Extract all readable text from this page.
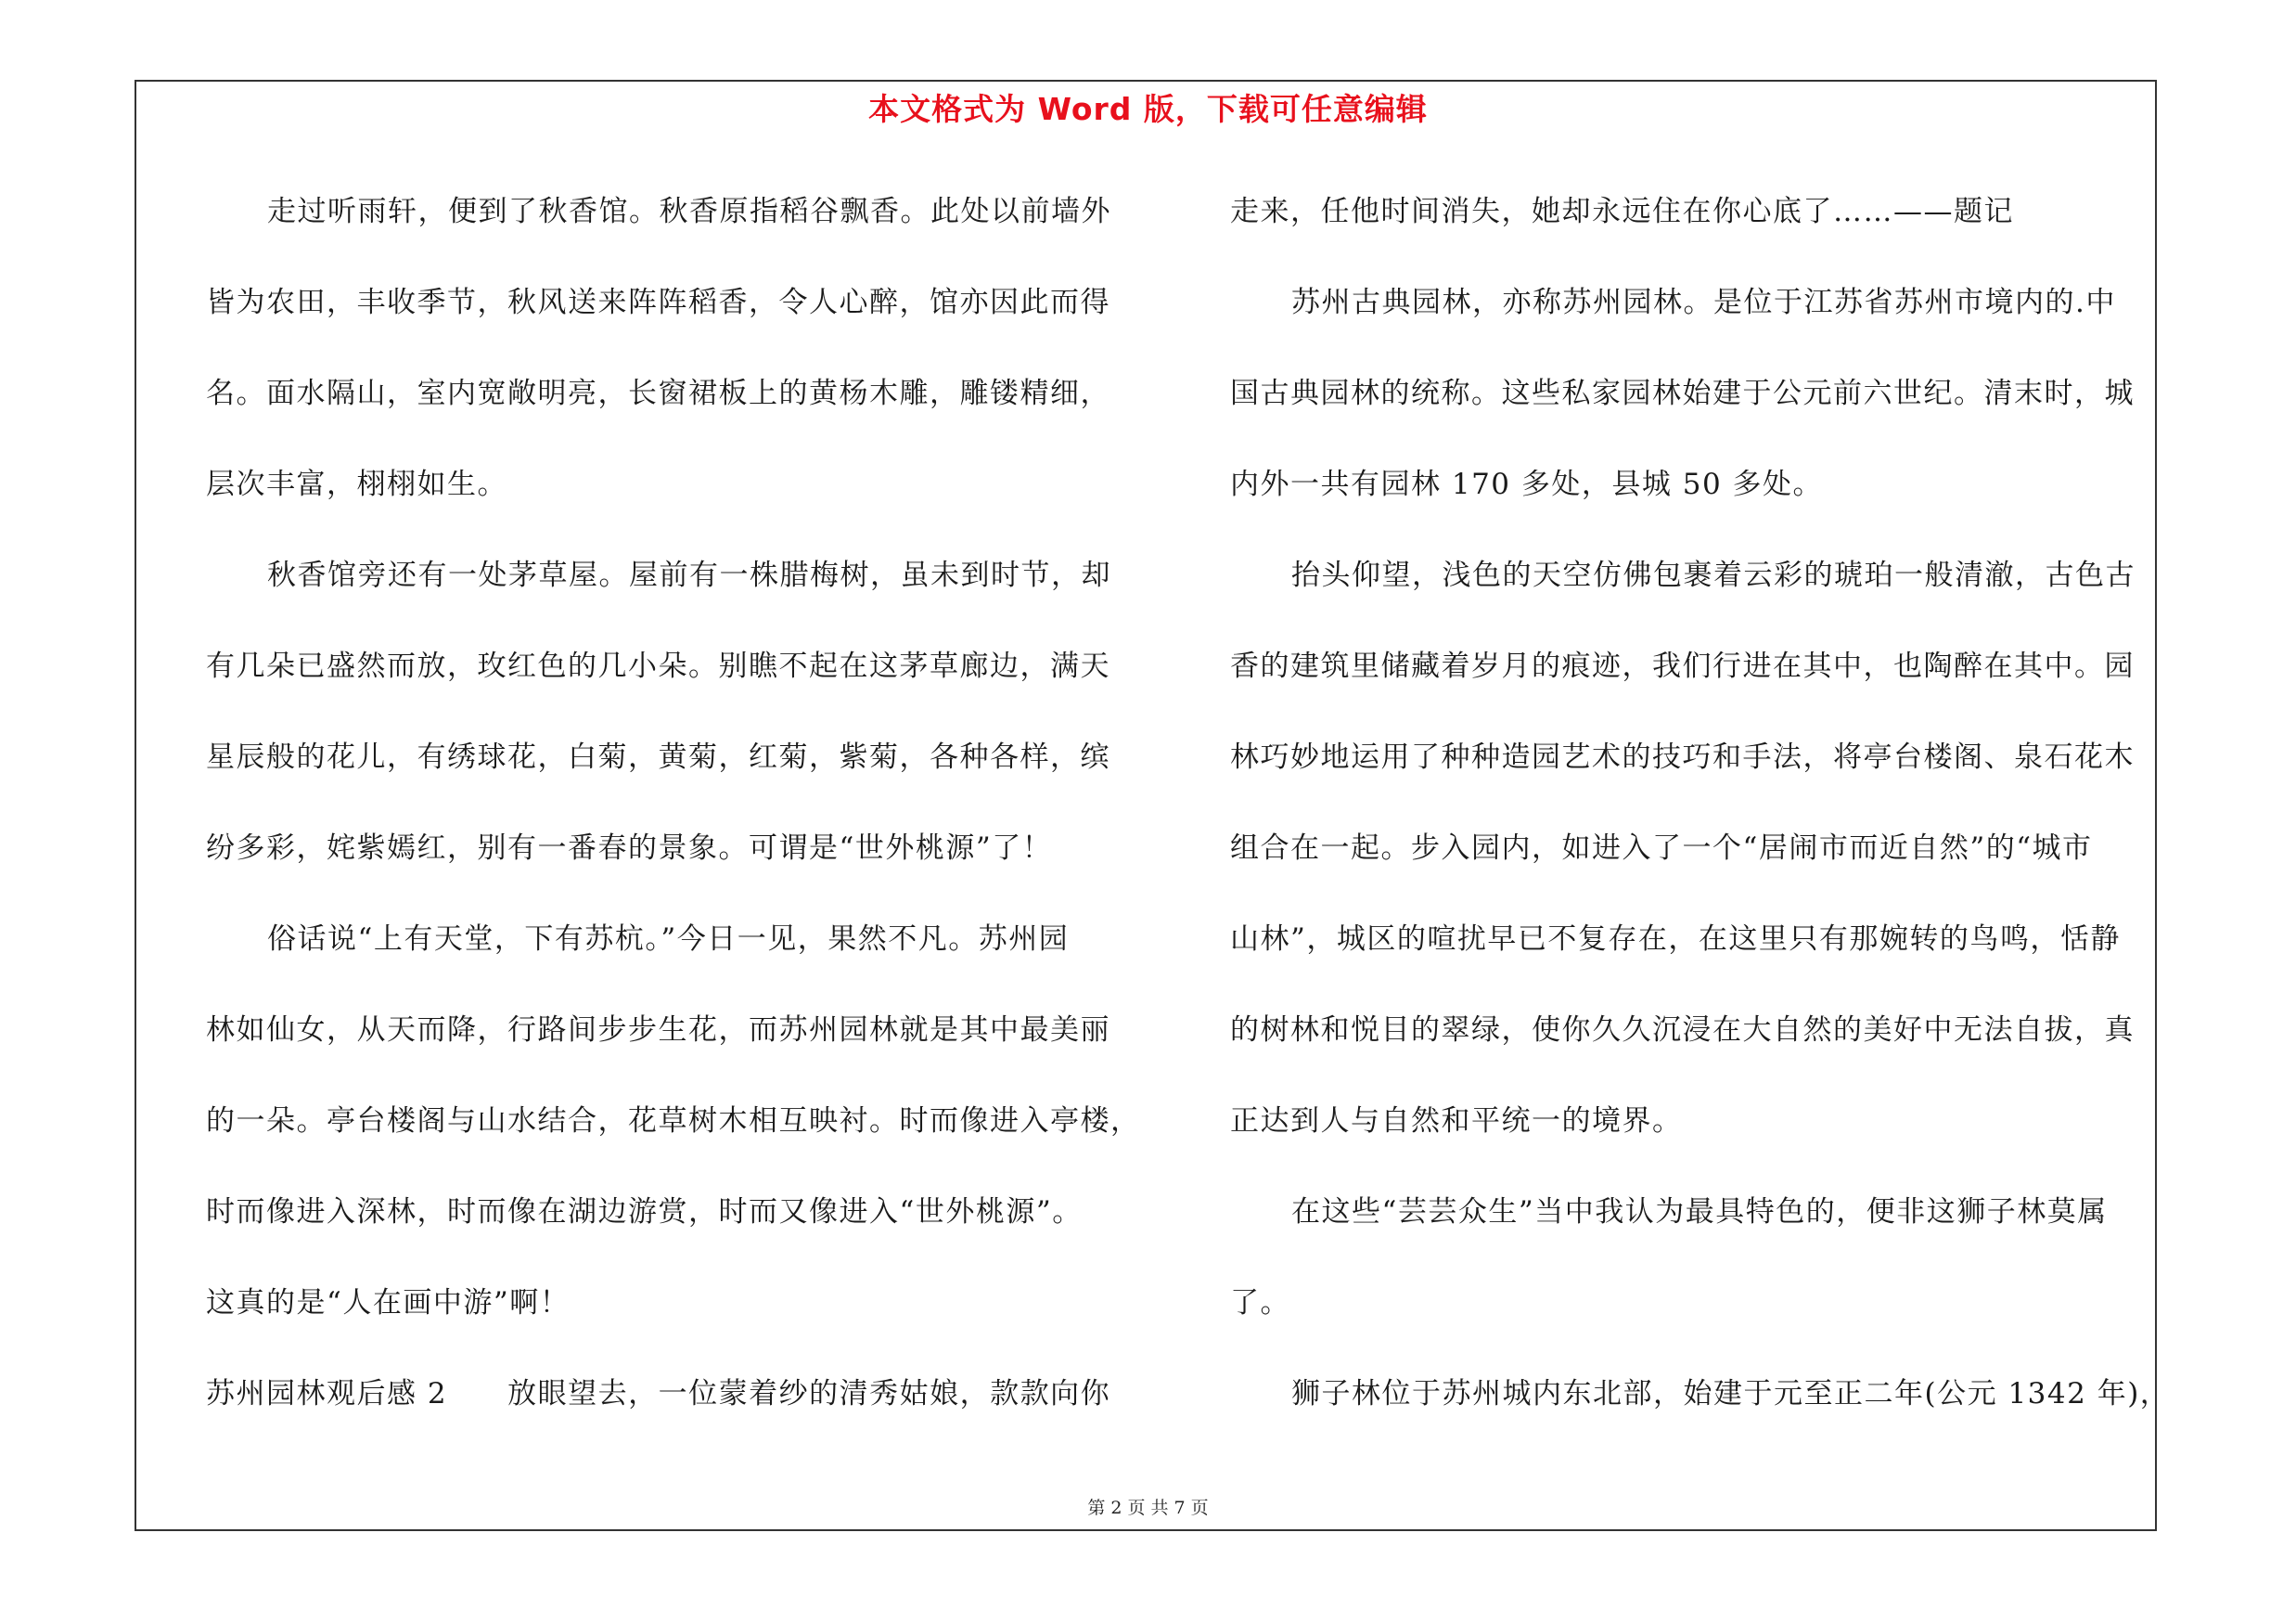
本文格式为 Word 版，下载可任意编辑
走过听雨轩，便到了秋香馆。秋香原指稻谷飘香。此处以前墙外
皆为农田，丰收季节，秋风送来阵阵稻香，令人心醉，馆亦因此而得
名。面水隔山，室内宽敞明亮，长窗裙板上的黄杨木雕，雕镂精细，
层次丰富，栩栩如生。
秋香馆旁还有一处茅草屋。屋前有一株腊梅树，虽未到时节，却
有几朵已盛然而放，玫红色的几小朵。别瞧不起在这茅草廊边，满天
星辰般的花儿，有绣球花，白菊，黄菊，红菊，紫菊，各种各样，缤
纷多彩，姹紫嫣红，别有一番春的景象。可谓是“世外桃源”了！
俗话说“上有天堂，下有苏杭。”今日一见，果然不凡。苏州园
林如仙女，从天而降，行路间步步生花，而苏州园林就是其中最美丽
的一朵。亭台楼阁与山水结合，花草树木相互映衬。时而像进入亭楼，
时而像进入深林，时而像在湖边游赏，时而又像进入“世外桃源”。
这真的是“人在画中游”啊！
苏州园林观后感 2　　放眼望去，一位蒙着纱的清秀姑娘，款款向你
走来，任他时间消失，她却永远住在你心底了……——题记
苏州古典园林，亦称苏州园林。是位于江苏省苏州市境内的.中
国古典园林的统称。这些私家园林始建于公元前六世纪。清末时，城
内外一共有园林 170 多处，县城 50 多处。
抬头仰望，浅色的天空仿佛包裹着云彩的琥珀一般清澈，古色古
香的建筑里储藏着岁月的痕迹，我们行进在其中，也陶醉在其中。园
林巧妙地运用了种种造园艺术的技巧和手法，将亭台楼阁、泉石花木
组合在一起。步入园内，如进入了一个“居闹市而近自然”的“城市
山林”，城区的喧扰早已不复存在，在这里只有那婉转的鸟鸣，恬静
的树林和悦目的翠绿，使你久久沉浸在大自然的美好中无法自拔，真
正达到人与自然和平统一的境界。
在这些“芸芸众生”当中我认为最具特色的，便非这狮子林莫属
了。
狮子林位于苏州城内东北部，始建于元至正二年(公元 1342 年)，
第 2 页 共 7 页
